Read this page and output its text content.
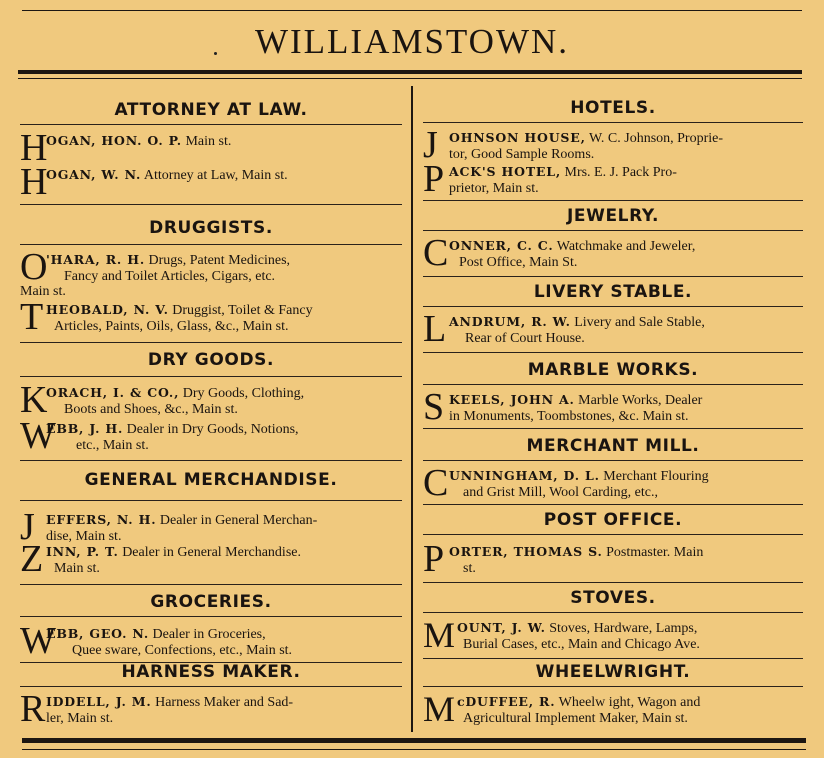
WILLIAMSTOWN.
ATTORNEY AT LAW.
H
OGAN, HON. O. P. Main st.
H
OGAN, W. N. Attorney at Law, Main st.
DRUGGISTS.
O
'HARA, R. H. Drugs, Patent Medicines,
Fancy and Toilet Articles, Cigars, etc.
Main st.
T HEOBALD, N. V. Druggist, Toilet & Fancy
Articles, Paints, Oils, Glass, &c., Main st.
DRY GOODS.
K
ORACH, I. & CO., Dry Goods, Clothing,
Boots and Shoes, &c., Main st.
W
EBB, J. H. Dealer in Dry Goods, Notions,
etc., Main st.
GENERAL MERCHANDISE.
J EFFERS, N. H. Dealer in General Merchan-
dise, Main st.
Z INN, P. T. Dealer in General Merchandise.
Main st.
GROCERIES.
W
EBB, GEO. N. Dealer in Groceries,
Quee sware, Confections, etc., Main st.
HARNESS MAKER.
R IDDELL, J. M. Harness Maker and Sad-
ler, Main st.
HOTELS.
J OHNSON HOUSE, W. C. Johnson, Proprie-
tor, Good Sample Rooms.
P ACK'S HOTEL, Mrs. E. J. Pack Pro-
prietor, Main st.
JEWELRY.
C ONNER, C. C. Watchmake and Jeweler,
Post Office, Main St.
LIVERY STABLE.
L ANDRUM, R. W. Livery and Sale Stable,
Rear of Court House.
MARBLE WORKS.
S KEELS, JOHN A. Marble Works, Dealer
in Monuments, Toombstones, &c. Main st.
MERCHANT MILL.
C UNNINGHAM, D. L. Merchant Flouring
and Grist Mill, Wool Carding, etc.,
POST OFFICE.
P ORTER, THOMAS S. Postmaster. Main
st.
STOVES.
M OUNT, J. W. Stoves, Hardware, Lamps,
Burial Cases, etc., Main and Chicago Ave.
WHEELWRIGHT.
M cDUFFEE, R. Wheelw ight, Wagon and
Agricultural Implement Maker, Main st.
